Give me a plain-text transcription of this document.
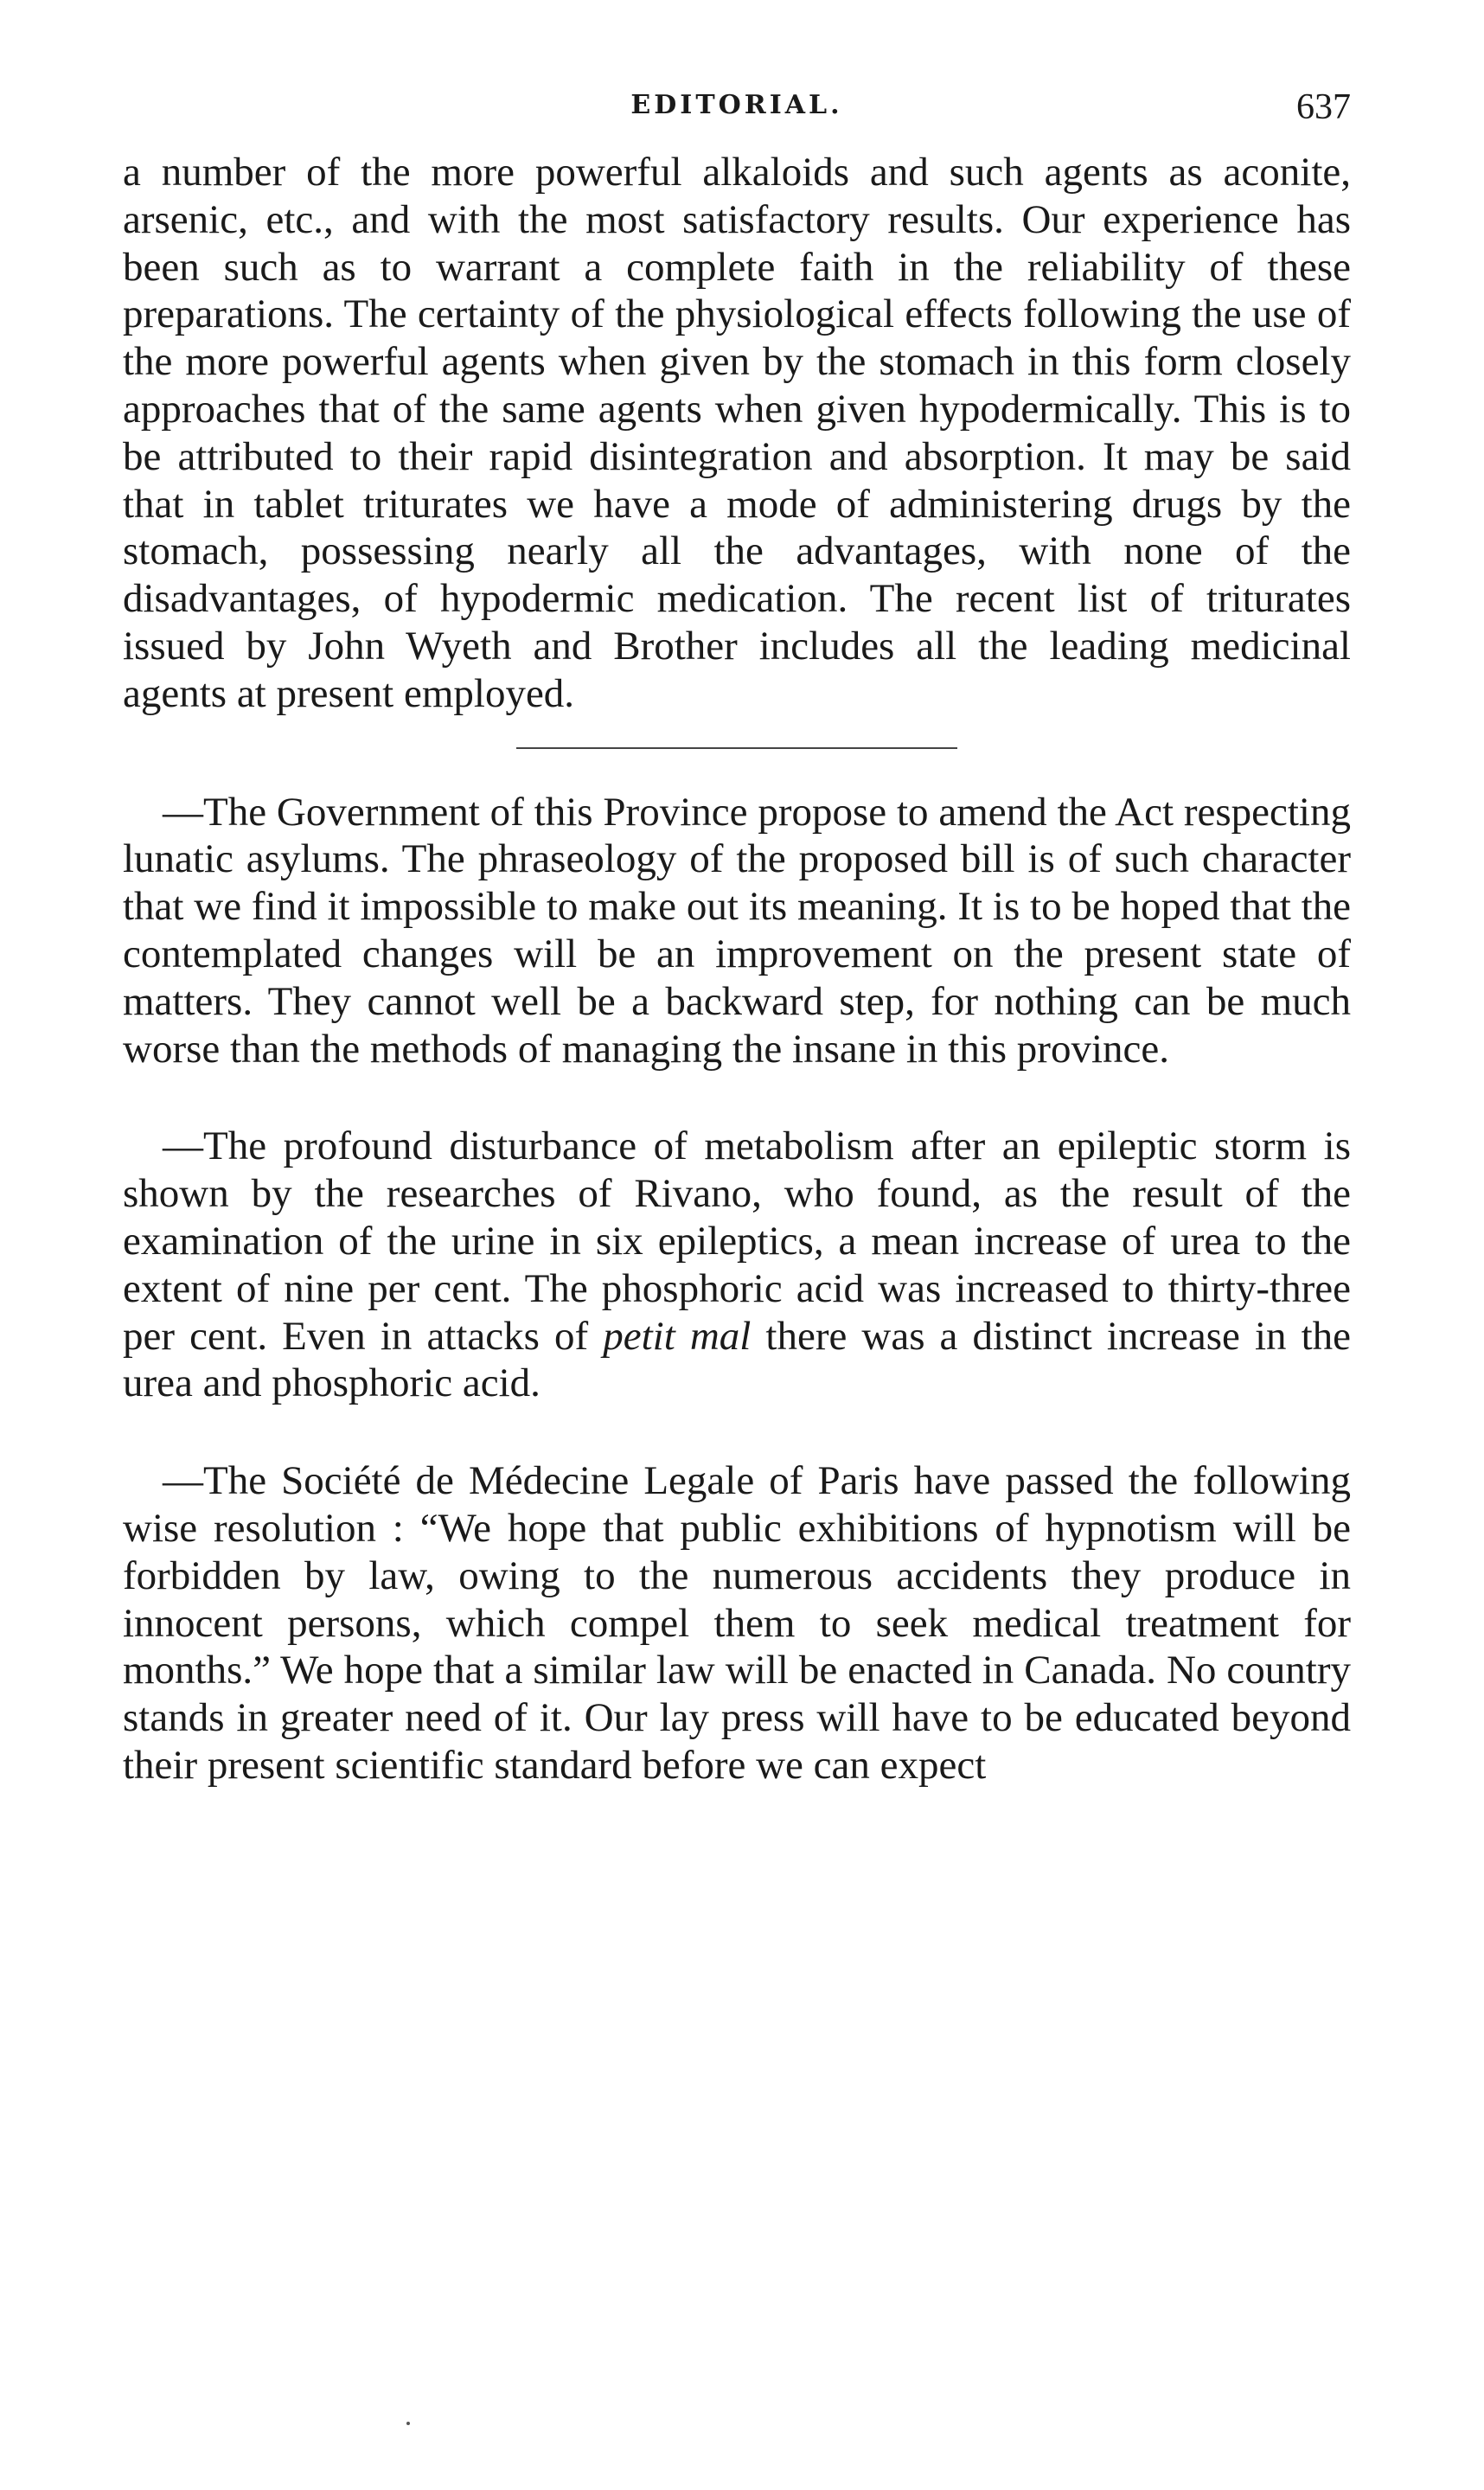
EDITORIAL.	637

a number of the more powerful alkaloids and such agents as aconite, arsenic, etc., and with the most satisfactory results. Our experience has been such as to warrant a complete faith in the reliability of these preparations. The certainty of the physiological effects following the use of the more powerful agents when given by the stomach in this form closely approaches that of the same agents when given hypodermically. This is to be attributed to their rapid disintegration and absorption. It may be said that in tablet triturates we have a mode of administering drugs by the stomach, possessing nearly all the advantages, with none of the disadvantages, of hypodermic medication. The recent list of triturates issued by John Wyeth and Brother includes all the leading medicinal agents at present employed.

—The Government of this Province propose to amend the Act respecting lunatic asylums. The phraseology of the proposed bill is of such character that we find it impossible to make out its meaning. It is to be hoped that the contemplated changes will be an improvement on the present state of matters. They cannot well be a backward step, for nothing can be much worse than the methods of managing the insane in this province.

—The profound disturbance of metabolism after an epileptic storm is shown by the researches of Rivano, who found, as the result of the examination of the urine in six epileptics, a mean increase of urea to the extent of nine per cent. The phosphoric acid was increased to thirty-three per cent. Even in attacks of petit mal there was a distinct increase in the urea and phosphoric acid.

—The Société de Médecine Legale of Paris have passed the following wise resolution : “We hope that public exhibitions of hypnotism will be forbidden by law, owing to the numerous accidents they produce in innocent persons, which compel them to seek medical treatment for months.” We hope that a similar law will be enacted in Canada. No country stands in greater need of it. Our lay press will have to be educated beyond their present scientific standard before we can expect
